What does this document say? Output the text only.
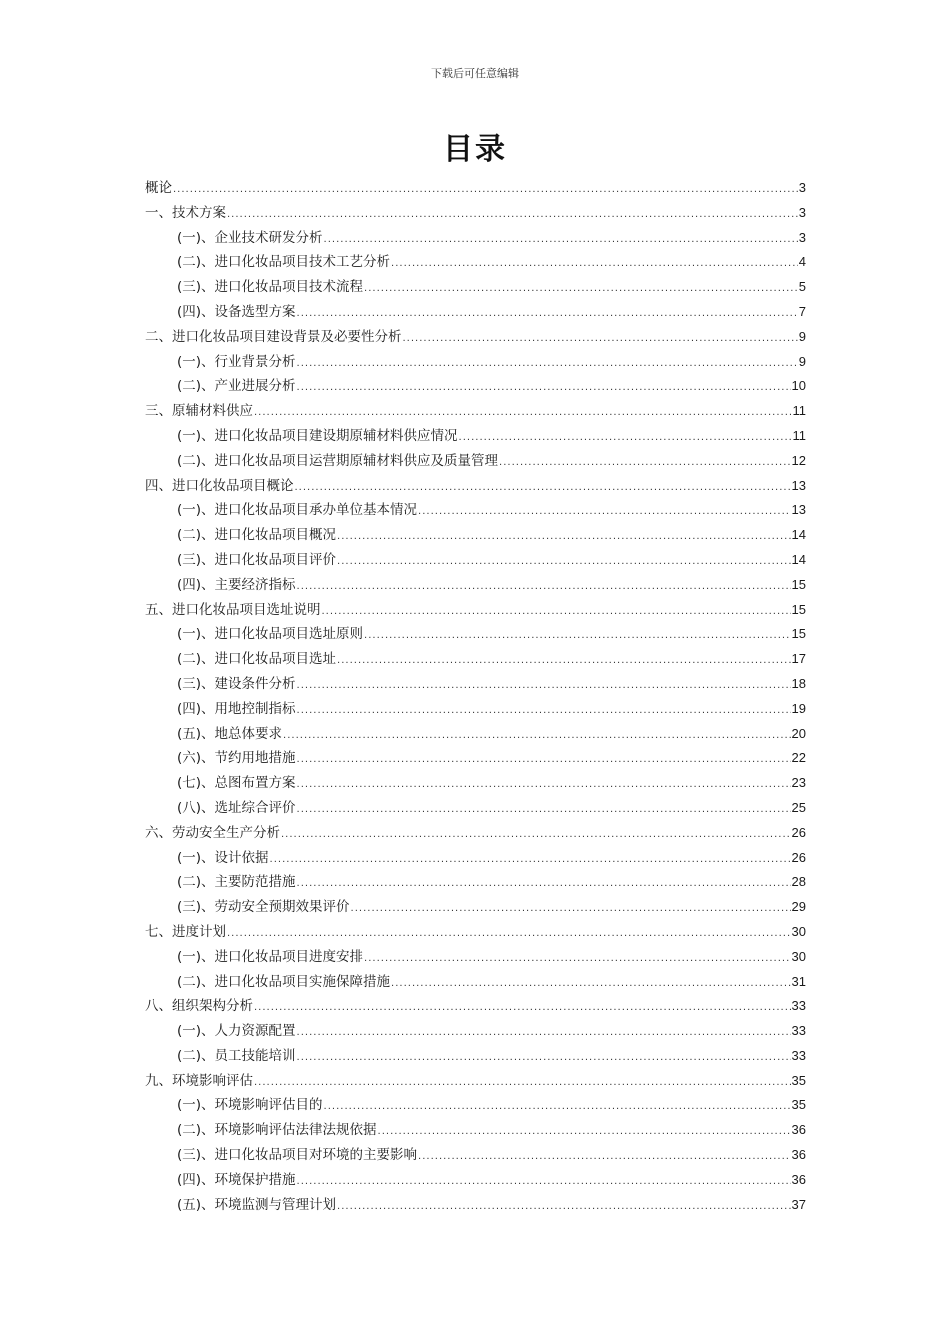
下载后可任意编辑
目录
概论 .....	3
一、技术方案 .....	3
(一)、企业技术研发分析 .....	3
(二)、进口化妆品项目技术工艺分析 .....	4
(三)、进口化妆品项目技术流程 .....	5
(四)、设备选型方案 .....	7
二、进口化妆品项目建设背景及必要性分析 .....	9
(一)、行业背景分析 .....	9
(二)、产业进展分析 .....	10
三、原辅材料供应 .....	11
(一)、进口化妆品项目建设期原辅材料供应情况 .....	11
(二)、进口化妆品项目运营期原辅材料供应及质量管理 .....	12
四、进口化妆品项目概论 .....	13
(一)、进口化妆品项目承办单位基本情况 .....	13
(二)、进口化妆品项目概况 .....	14
(三)、进口化妆品项目评价 .....	14
(四)、主要经济指标 .....	15
五、进口化妆品项目选址说明 .....	15
(一)、进口化妆品项目选址原则 .....	15
(二)、进口化妆品项目选址 .....	17
(三)、建设条件分析 .....	18
(四)、用地控制指标 .....	19
(五)、地总体要求 .....	20
(六)、节约用地措施 .....	22
(七)、总图布置方案 .....	23
(八)、选址综合评价 .....	25
六、劳动安全生产分析 .....	26
(一)、设计依据 .....	26
(二)、主要防范措施 .....	28
(三)、劳动安全预期效果评价 .....	29
七、进度计划 .....	30
(一)、进口化妆品项目进度安排 .....	30
(二)、进口化妆品项目实施保障措施 .....	31
八、组织架构分析 .....	33
(一)、人力资源配置 .....	33
(二)、员工技能培训 .....	33
九、环境影响评估 .....	35
(一)、环境影响评估目的 .....	35
(二)、环境影响评估法律法规依据 .....	36
(三)、进口化妆品项目对环境的主要影响 .....	36
(四)、环境保护措施 .....	36
(五)、环境监测与管理计划 .....	37
